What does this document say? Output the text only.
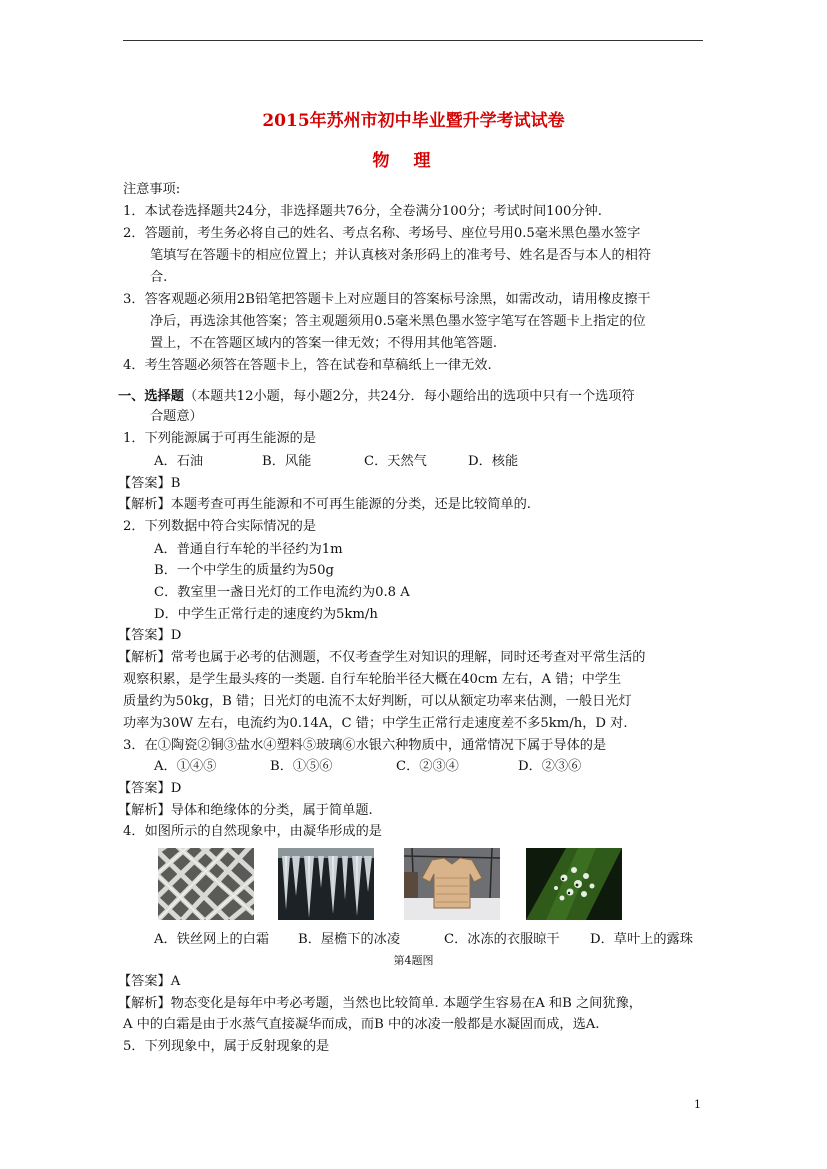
2015年苏州市初中毕业暨升学考试试卷
物理
注意事项:
1．本试卷选择题共24分，非选择题共76分，全卷满分100分；考试时间100分钟.
2．答题前，考生务必将自己的姓名、考点名称、考场号、座位号用0.5毫米黑色墨水签字
笔填写在答题卡的相应位置上；并认真核对条形码上的准考号、姓名是否与本人的相符
合.
3．答客观题必须用2B铅笔把答题卡上对应题目的答案标号涂黑，如需改动，请用橡皮擦干
净后，再选涂其他答案；答主观题须用0.5毫米黑色墨水签字笔写在答题卡上指定的位
置上，不在答题区域内的答案一律无效；不得用其他笔答题.
4．考生答题必须答在答题卡上，答在试卷和草稿纸上一律无效.
一、选择题（本题共12小题，每小题2分，共24分．每小题给出的选项中只有一个选项符
合题意）
1．下列能源属于可再生能源的是
A．石油	B．风能	C．天然气	D．核能
【答案】B
【解析】本题考查可再生能源和不可再生能源的分类，还是比较简单的.
2．下列数据中符合实际情况的是
A．普通自行车轮的半径约为1m
B．一个中学生的质量约为50g
C．教室里一盏日光灯的工作电流约为0.8 A
D．中学生正常行走的速度约为5km/h
【答案】D
【解析】常考也属于必考的估测题，不仅考查学生对知识的理解，同时还考查对平常生活的
观察积累，是学生最头疼的一类题. 自行车轮胎半径大概在40cm 左右，A 错；中学生
质量约为50kg，B 错；日光灯的电流不太好判断，可以从额定功率来估测，一般日光灯
功率为30W 左右，电流约为0.14A，C 错；中学生正常行走速度差不多5km/h，D 对.
3．在①陶瓷②铜③盐水④塑料⑤玻璃⑥水银六种物质中，通常情况下属于导体的是
A．①④⑤	B．①⑤⑥	C．②③④	D．②③⑥
【答案】D
【解析】导体和绝缘体的分类，属于简单题.
4．如图所示的自然现象中，由凝华形成的是
A．铁丝网上的白霜 B．屋檐下的冰凌	C．冰冻的衣服晾干 D．草叶上的露珠
第4题图
【答案】A
【解析】物态变化是每年中考必考题，当然也比较简单. 本题学生容易在A 和B 之间犹豫，
A 中的白霜是由于水蒸气直接凝华而成，而B 中的冰凌一般都是水凝固而成，选A.
5．下列现象中，属于反射现象的是
1
